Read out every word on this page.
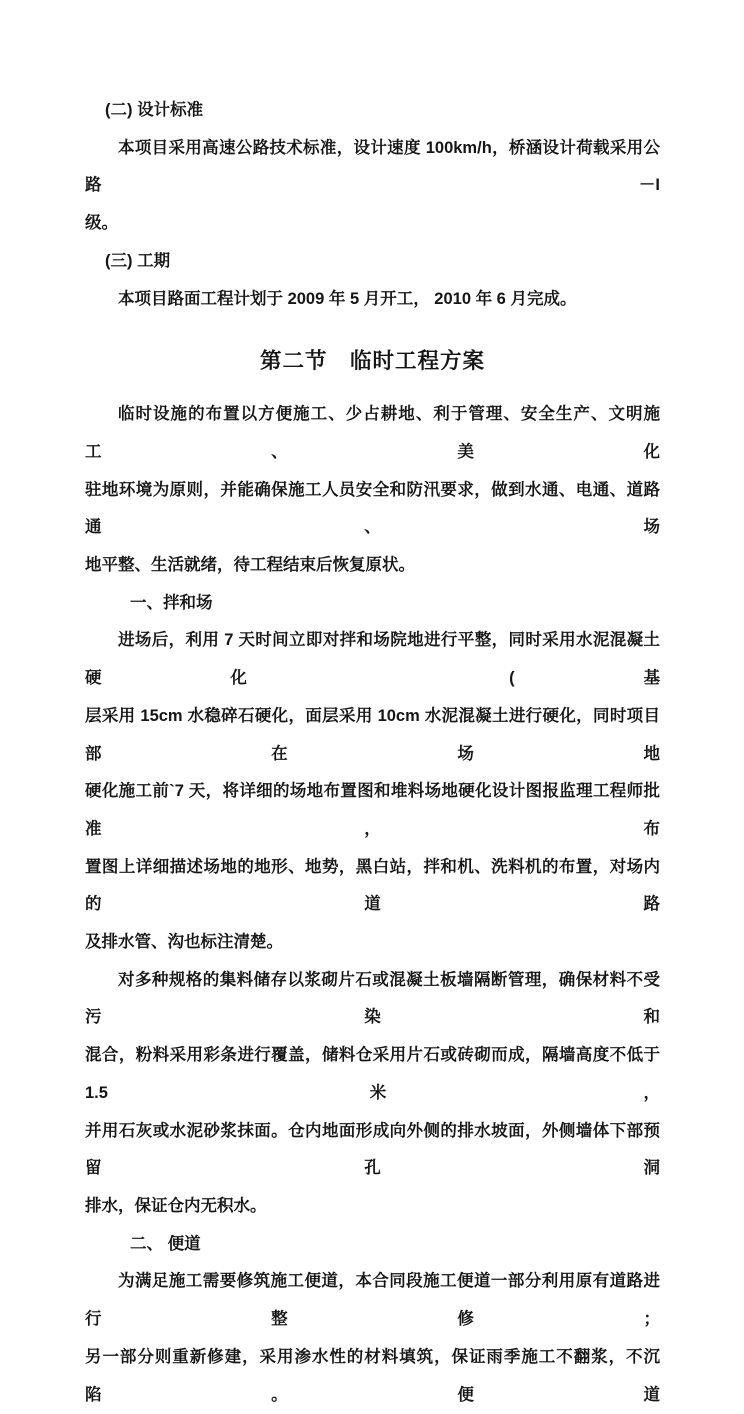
(二) 设计标准
本项目采用高速公路技术标准，设计速度 100km/h，桥涵设计荷载采用公路－I
级。
(三) 工期
本项目路面工程计划于 2009 年 5 月开工， 2010 年 6 月完成。
第二节　临时工程方案
临时设施的布置以方便施工、少占耕地、利于管理、安全生产、文明施工、美化
驻地环境为原则，并能确保施工人员安全和防汛要求，做到水通、电通、道路通、场
地平整、生活就绪，待工程结束后恢复原状。
一、拌和场
进场后，利用 7 天时间立即对拌和场院地进行平整，同时采用水泥混凝土硬化 (基
层采用 15cm 水稳碎石硬化，面层采用 10cm 水泥混凝土进行硬化，同时项目部在场地
硬化施工前`7 天，将详细的场地布置图和堆料场地硬化设计图报监理工程师批准，布
置图上详细描述场地的地形、地势，黑白站，拌和机、洗料机的布置，对场内的道路
及排水管、沟也标注清楚。
对多种规格的集料储存以浆砌片石或混凝土板墙隔断管理，确保材料不受污染和
混合，粉料采用彩条进行覆盖，储料仓采用片石或砖砌而成，隔墙高度不低于 1.5 米，
并用石灰或水泥砂浆抹面。仓内地面形成向外侧的排水坡面，外侧墙体下部预留孔洞
排水，保证仓内无积水。
二、 便道
为满足施工需要修筑施工便道，本合同段施工便道一部分利用原有道路进行整修；
另一部分则重新修建，采用渗水性的材料填筑，保证雨季施工不翻浆，不沉陷。便道
